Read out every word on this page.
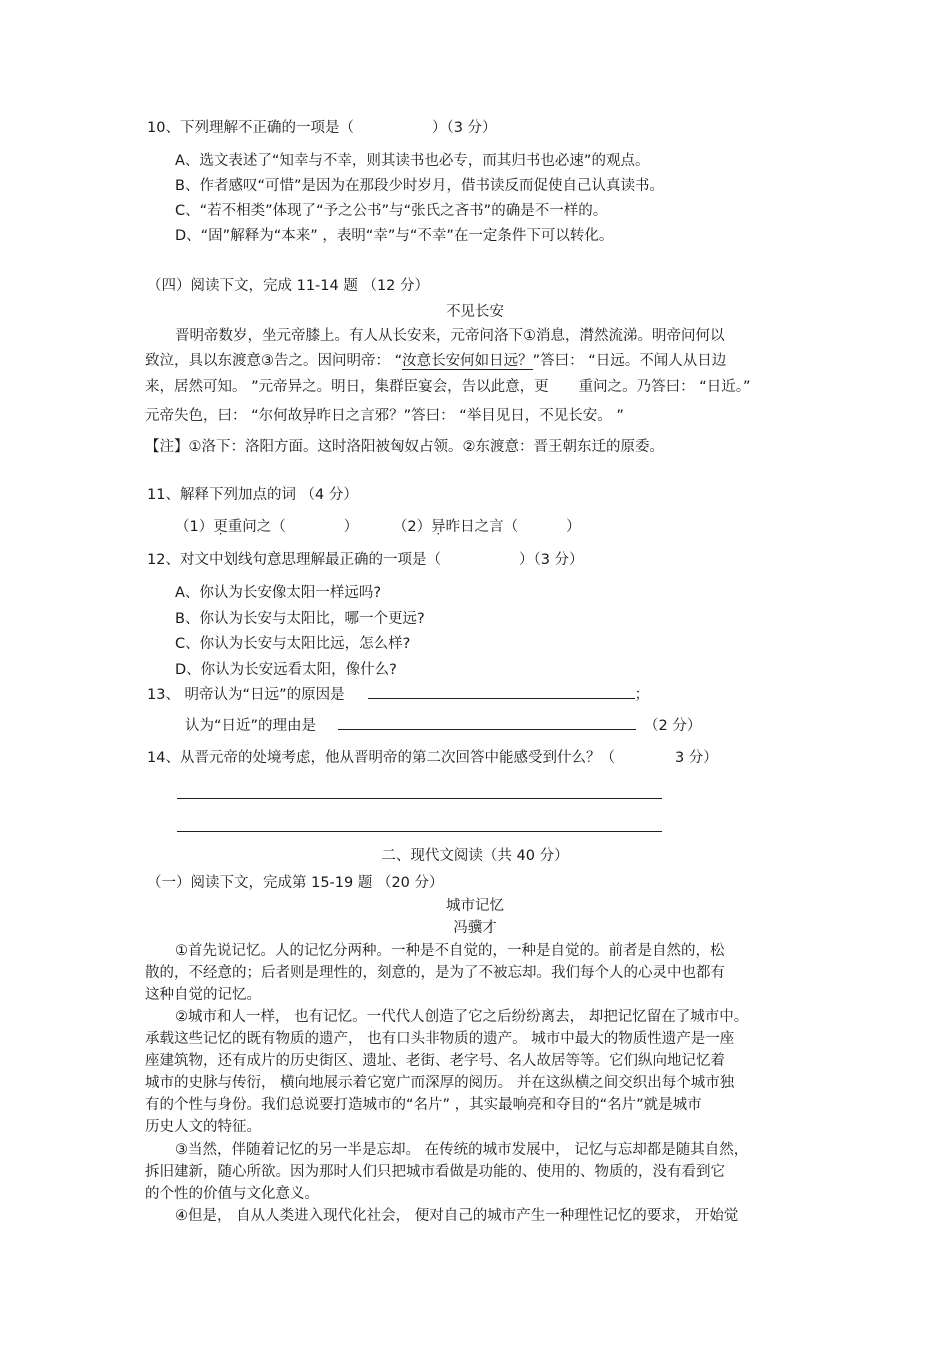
10、下列理解不正确的一项是（	）（3 分）
A、选文表述了“知幸与不幸，则其读书也必专，而其归书也必速”的观点。
B、作者感叹“可惜”是因为在那段少时岁月，借书读反而促使自己认真读书。
C、“若不相类”体现了“予之公书”与“张氏之吝书”的确是不一样的。
D、“固”解释为“本来” ，表明“幸”与“不幸”在一定条件下可以转化。
（四）阅读下文，完成 11-14 题 （12 分）
不见长安
晋明帝数岁，坐元帝膝上。有人从长安来，元帝问洛下①消息，潸然流涕。明帝问何以
致泣，具以东渡意③告之。因问明帝： “汝意长安何如日远？”答曰： “日远。不闻人从日边
来，居然可知。 ”元帝异之。明日，集群臣宴会，告以此意，更 重问之。乃答曰： “日近。”
元帝失色，曰： “尔何故异昨日之言邪？”答曰： “举目见日，不见长安。 ”
【注】①洛下：洛阳方面。这时洛阳被匈奴占领。②东渡意：晋王朝东迁的原委。
11、解释下列加点的词 （4 分）
（1）更重问之（	） （2）异昨日之言（	）
12、对文中划线句意思理解最正确的一项是（	）（3 分）
A、你认为长安像太阳一样远吗?
B、你认为长安与太阳比，哪一个更远?
C、你认为长安与太阳比远，怎么样?
D、你认为长安远看太阳，像什么?
13、 明帝认为“日远”的原因是	；
认为“日近”的理由是	（2 分）
14、从晋元帝的处境考虑，他从晋明帝的第二次回答中能感受到什么？（	3 分）
二、现代文阅读（共 40 分）
（一）阅读下文，完成第 15-19 题 （20 分）
城市记忆
冯骥才
①首先说记忆。人的记忆分两种。一种是不自觉的，一种是自觉的。前者是自然的，松
散的，不经意的；后者则是理性的，刻意的，是为了不被忘却。我们每个人的心灵中也都有
这种自觉的记忆。
②城市和人一样， 也有记忆。一代代人创造了它之后纷纷离去， 却把记忆留在了城市中。
承载这些记忆的既有物质的遗产， 也有口头非物质的遗产。 城市中最大的物质性遗产是一座
座建筑物，还有成片的历史街区、遗址、老街、老字号、名人故居等等。它们纵向地记忆着
城市的史脉与传衍， 横向地展示着它宽广而深厚的阅历。 并在这纵横之间交织出每个城市独
有的个性与身份。我们总说要打造城市的“名片” ，其实最响亮和夺目的“名片”就是城市
历史人文的特征。
③当然，伴随着记忆的另一半是忘却。 在传统的城市发展中， 记忆与忘却都是随其自然，
拆旧建新，随心所欲。因为那时人们只把城市看做是功能的、使用的、物质的，没有看到它
的个性的价值与文化意义。
④但是， 自从人类进入现代化社会， 便对自己的城市产生一种理性记忆的要求， 开始觉
